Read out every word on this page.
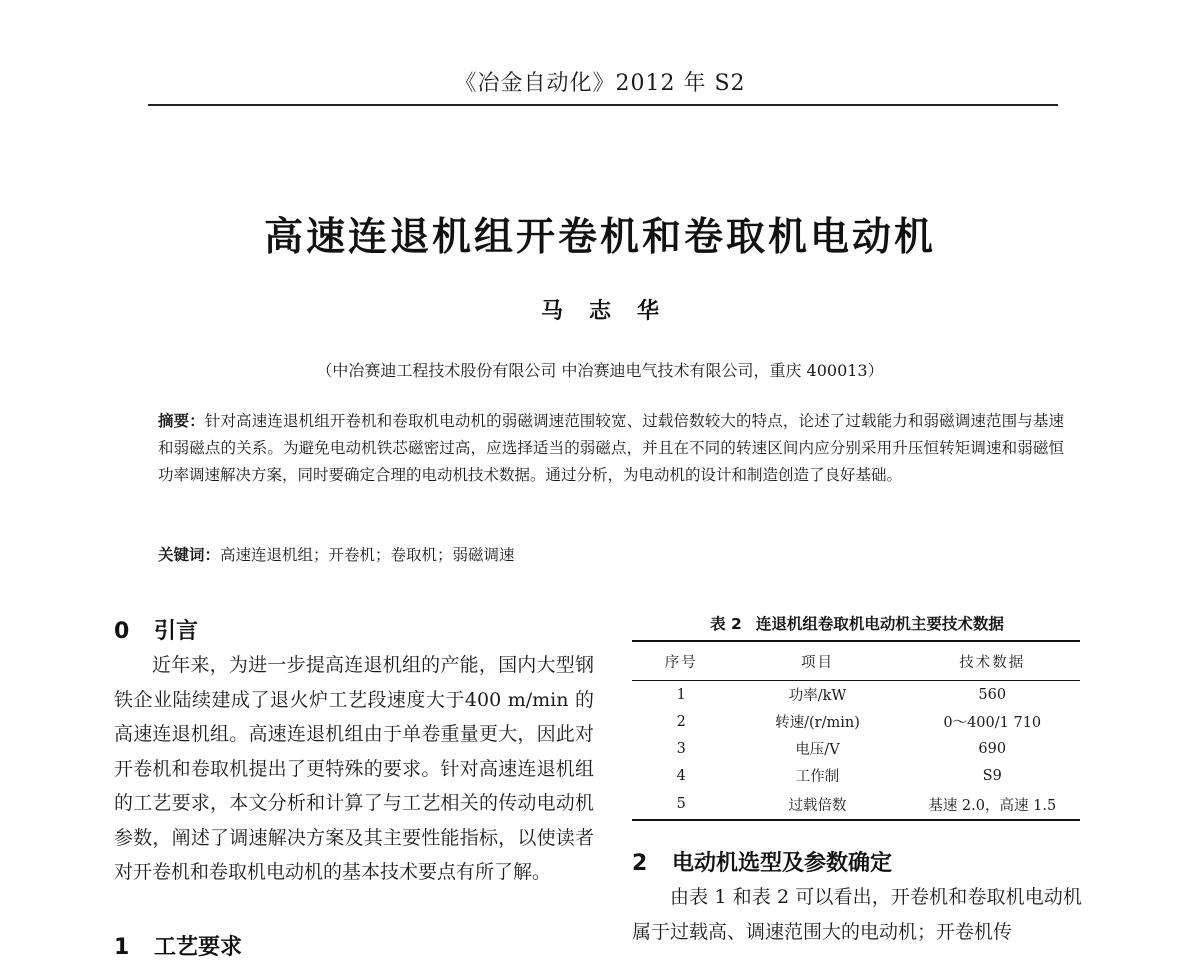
《冶金自动化》2012 年 S2
高速连退机组开卷机和卷取机电动机
马志华
（中冶赛迪工程技术股份有限公司 中冶赛迪电气技术有限公司，重庆 400013）
摘要：针对高速连退机组开卷机和卷取机电动机的弱磁调速范围较宽、过载倍数较大的特点，论述了过载能力和弱磁调速范围与基速和弱磁点的关系。为避免电动机铁芯磁密过高，应选择适当的弱磁点，并且在不同的转速区间内应分别采用升压恒转矩调速和弱磁恒功率调速解决方案，同时要确定合理的电动机技术数据。通过分析，为电动机的设计和制造创造了良好基础。
关键词：高速连退机组；开卷机；卷取机；弱磁调速
0 引言
近年来，为进一步提高连退机组的产能，国内大型钢铁企业陆续建成了退火炉工艺段速度大于400 m/min 的高速连退机组。高速连退机组由于单卷重量更大，因此对开卷机和卷取机提出了更特殊的要求。针对高速连退机组的工艺要求，本文分析和计算了与工艺相关的传动电动机参数，阐述了调速解决方案及其主要性能指标，以使读者对开卷机和卷取机电动机的基本技术要点有所了解。
1 工艺要求
表 2 连退机组卷取机电动机主要技术数据
序号	项目	技术数据
1	功率/kW	560
2	转速/(r/min)	0～400/1 710
3	电压/V	690
4	工作制	S9
5	过载倍数	基速 2.0，高速 1.5
2 电动机选型及参数确定
由表 1 和表 2 可以看出，开卷机和卷取机电动机属于过载高、调速范围大的电动机；开卷机传
